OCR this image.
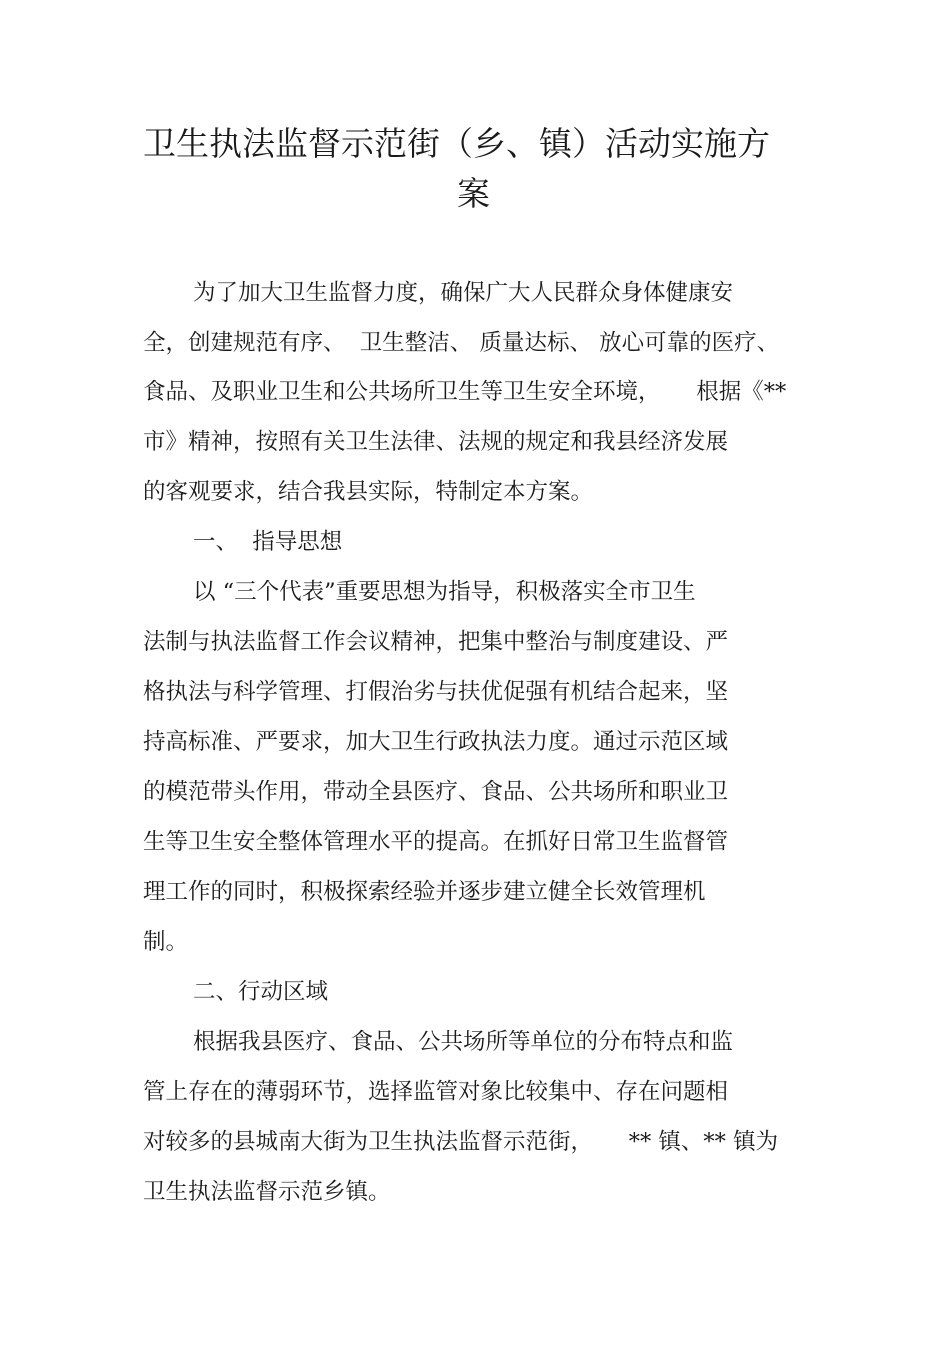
卫生执法监督示范街（乡、镇）活动实施方
案

为了加大卫生监督力度，确保广大人民群众身体健康安

全，创建规范有序、  卫生整洁、 质量达标、 放心可靠的医疗、

食品、及职业卫生和公共场所卫生等卫生安全环境，     根据《**

市》精神，按照有关卫生法律、法规的规定和我县经济发展

的客观要求，结合我县实际，特制定本方案。

一、  指导思想

以 “三个代表”重要思想为指导，积极落实全市卫生

法制与执法监督工作会议精神，把集中整治与制度建设、严

格执法与科学管理、打假治劣与扶优促强有机结合起来，坚

持高标准、严要求，加大卫生行政执法力度。通过示范区域

的模范带头作用，带动全县医疗、食品、公共场所和职业卫

生等卫生安全整体管理水平的提高。在抓好日常卫生监督管

理工作的同时，积极探索经验并逐步建立健全长效管理机

制。

二、行动区域

根据我县医疗、食品、公共场所等单位的分布特点和监

管上存在的薄弱环节，选择监管对象比较集中、存在问题相

对较多的县城南大街为卫生执法监督示范街，     ** 镇、** 镇为

卫生执法监督示范乡镇。
